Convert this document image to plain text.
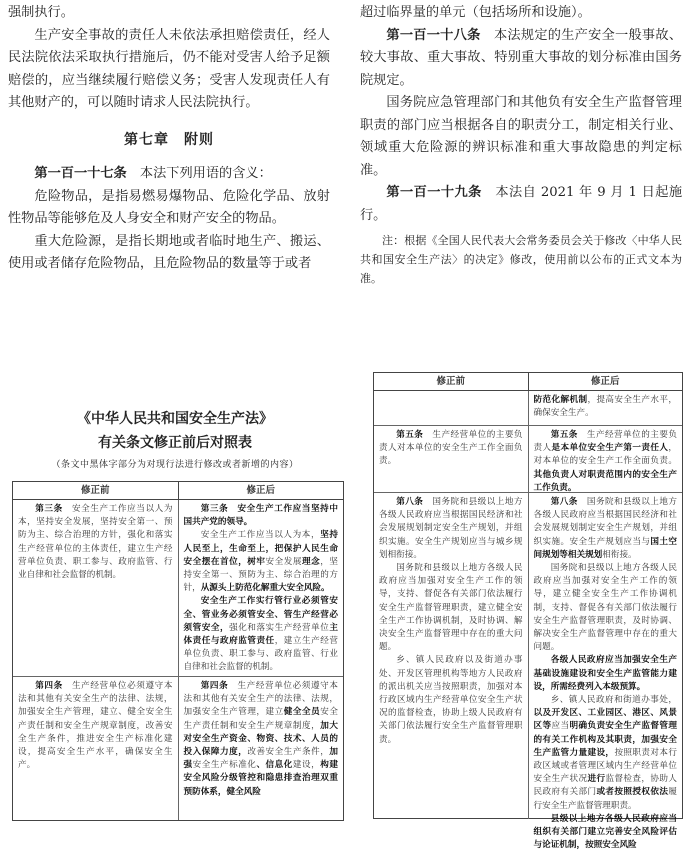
强制执行。

生产安全事故的责任人未依法承担赔偿责任，经人民法院依法采取执行措施后，仍不能对受害人给予足额赔偿的，应当继续履行赔偿义务；受害人发现责任人有其他财产的，可以随时请求人民法院执行。

第七章　附则

第一百一十七条　 本法下列用语的含义：

危险物品，是指易燃易爆物品、危险化学品、放射性物品等能够危及人身安全和财产安全的物品。

重大危险源，是指长期地或者临时地生产、搬运、使用或者储存危险物品，且危险物品的数量等于或者

超过临界量的单元（包括场所和设施）。

第一百一十八条　 本法规定的生产安全一般事故、较大事故、重大事故、特别重大事故的划分标准由国务院规定。

国务院应急管理部门和其他负有安全生产监督管理职责的部门应当根据各自的职责分工，制定相关行业、领域重大危险源的辨识标准和重大事故隐患的判定标准。

第一百一十九条　 本法自 2021 年 9 月 1 日起施行。

注：根据《全国人民代表大会常务委员会关于修改〈中华人民共和国安全生产法〉的决定》修改，使用前以公布的正式文本为准。

《中华人民共和国安全生产法》
有关条文修正前后对照表
（条文中黑体字部分为对现行法进行修改或者新增的内容）
修正前	修正后

第三条　 安全生产工作应当以人为本，坚持安全发展，坚持安全第一、预防为主、综合治理的方针，强化和落实生产经营单位的主体责任，建立生产经营单位负责、职工参与、政府监管、行业自律和社会监督的机制。

第三条　 安全生产工作应当坚持中国共产党的领导。

安全生产工作应当以人为本，坚持人民至上，生命至上，把保护人民生命安全摆在首位，树牢安全发展理念，坚持安全第一、预防为主、综合治理的方针，从源头上防范化解重大安全风险。

安全生产工作实行管行业必须管安全、管业务必须管安全、管生产经营必须管安全，强化和落实生产经营单位主体责任与政府监管责任，建立生产经营单位负责、职工参与、政府监管、行业自律和社会监督的机制。

第四条　 生产经营单位必须遵守本法和其他有关安全生产的法律、法规，加强安全生产管理，建立、健全安全生产责任制和安全生产规章制度，改善安全生产条件，推进安全生产标准化建设，提高安全生产水平，确保安全生产。

第四条　 生产经营单位必须遵守本法和其他有关安全生产的法律、法规，加强安全生产管理，建立健全全员安全生产责任制和安全生产规章制度，加大对安全生产资金、物资、技术、人员的投入保障力度，改善安全生产条件，加强安全生产标准化、信息化建设，构建安全风险分级管控和隐患排查治理双重预防体系，健全风险

修正前	修正后

防范化解机制，提高安全生产水平，确保安全生产。

第五条　 生产经营单位的主要负责人对本单位的安全生产工作全面负责。

第五条　 生产经营单位的主要负责人是本单位安全生产第一责任人，对本单位的安全生产工作全面负责。其他负责人对职责范围内的安全生产工作负责。

第八条　 国务院和县级以上地方各级人民政府应当根据国民经济和社会发展规划制定安全生产规划，并组织实施。安全生产规划应当与城乡规划相衔接。

国务院和县级以上地方各级人民政府应当加强对安全生产工作的领导，支持、督促各有关部门依法履行安全生产监督管理职责，建立健全安全生产工作协调机制，及时协调、解决安全生产监督管理中存在的重大问题。

乡、镇人民政府以及街道办事处、开发区管理机构等地方人民政府的派出机关应当按照职责，加强对本行政区域内生产经营单位安全生产状况的监督检查，协助上级人民政府有关部门依法履行安全生产监督管理职责。

第八条　 国务院和县级以上地方各级人民政府应当根据国民经济和社会发展规划制定安全生产规划，并组织实施。安全生产规划应当与国土空间规划等相关规划相衔接。

国务院和县级以上地方各级人民政府应当加强对安全生产工作的领导，建立健全安全生产工作协调机制，支持、督促各有关部门依法履行安全生产监督管理职责，及时协调、解决安全生产监督管理中存在的重大问题。

各级人民政府应当加强安全生产基础设施建设和安全生产监管能力建设，所需经费列入本级预算。

乡、镇人民政府和街道办事处，以及开发区、工业园区、港区、风景区等应当明确负责安全生产监督管理的有关工作机构及其职责，加强安全生产监管力量建设，按照职责对本行政区域或者管理区域内生产经营单位安全生产状况进行监督检查，协助人民政府有关部门或者按照授权依法履行安全生产监督管理职责。

县级以上地方各级人民政府应当组织有关部门建立完善安全风险评估与论证机制，按照安全风险
